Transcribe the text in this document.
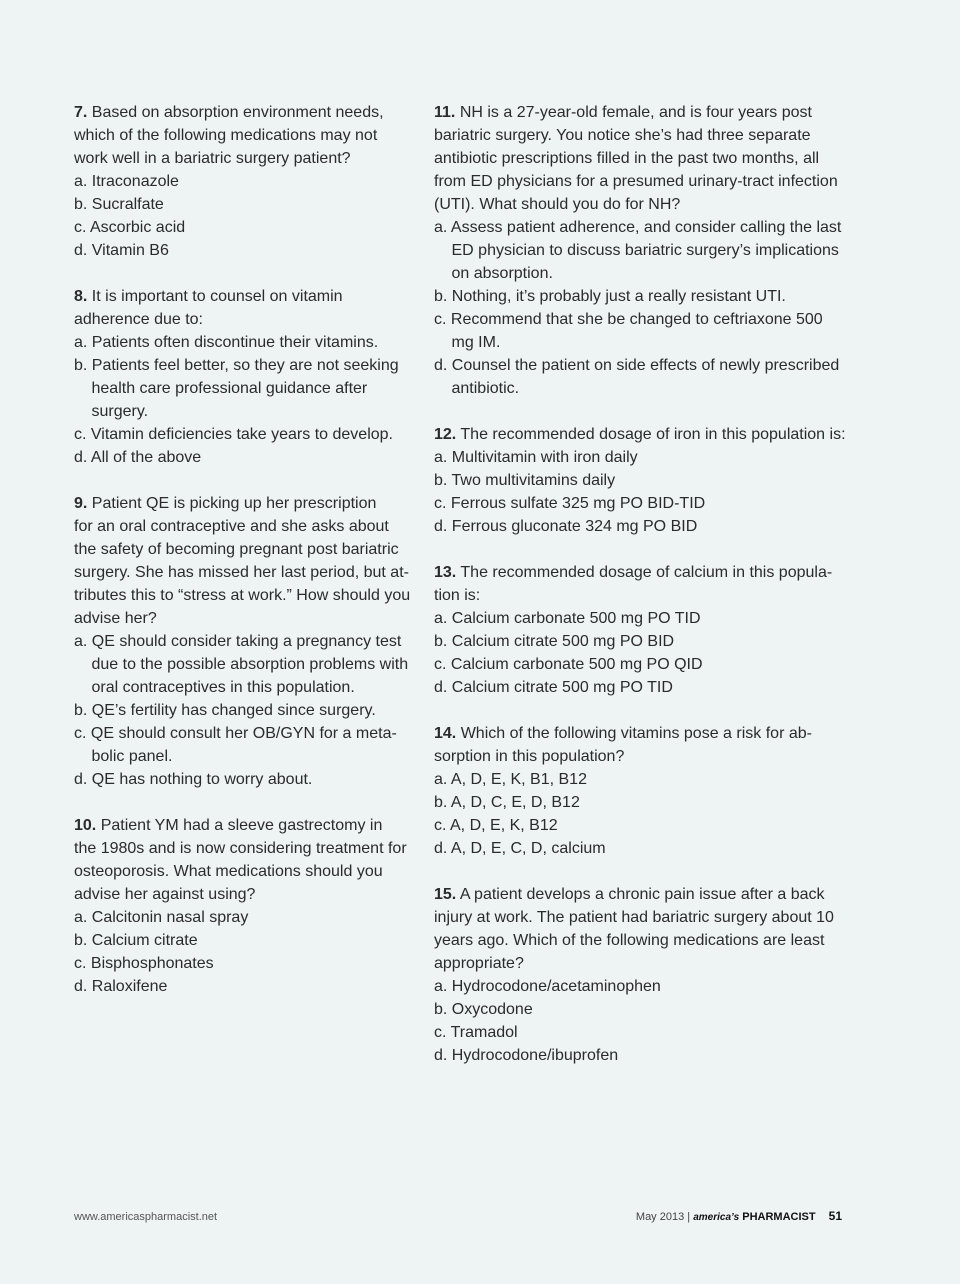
7. Based on absorption environment needs,
which of the following medications may not
work well in a bariatric surgery patient?
a. Itraconazole
b. Sucralfate
c. Ascorbic acid
d. Vitamin B6
8. It is important to counsel on vitamin
adherence due to:
a. Patients often discontinue their vitamins.
b. Patients feel better, so they are not seeking health care professional guidance after surgery.
c. Vitamin deficiencies take years to develop.
d. All of the above
9. Patient QE is picking up her prescription
for an oral contraceptive and she asks about
the safety of becoming pregnant post bariatric
surgery. She has missed her last period, but at-
tributes this to “stress at work.” How should you
advise her?
a. QE should consider taking a pregnancy test due to the possible absorption problems with oral contraceptives in this population.
b. QE’s fertility has changed since surgery.
c. QE should consult her OB/GYN for a meta- bolic panel.
d. QE has nothing to worry about.
10. Patient YM had a sleeve gastrectomy in
the 1980s and is now considering treatment for
osteoporosis. What medications should you
advise her against using?
a. Calcitonin nasal spray
b. Calcium citrate
c. Bisphosphonates
d. Raloxifene
11. NH is a 27-year-old female, and is four years post
bariatric surgery. You notice she’s had three separate
antibiotic prescriptions filled in the past two months, all
from ED physicians for a presumed urinary-tract infection
(UTI). What should you do for NH?
a. Assess patient adherence, and consider calling the last ED physician to discuss bariatric surgery’s implications on absorption.
b. Nothing, it’s probably just a really resistant UTI.
c. Recommend that she be changed to ceftriaxone 500 mg IM.
d. Counsel the patient on side effects of newly prescribed antibiotic.
12. The recommended dosage of iron in this population is:
a. Multivitamin with iron daily
b. Two multivitamins daily
c. Ferrous sulfate 325 mg PO BID-TID
d. Ferrous gluconate 324 mg PO BID
13. The recommended dosage of calcium in this popula-
tion is:
a. Calcium carbonate 500 mg PO TID
b. Calcium citrate 500 mg PO BID
c. Calcium carbonate 500 mg PO QID
d. Calcium citrate 500 mg PO TID
14. Which of the following vitamins pose a risk for ab-
sorption in this population?
a. A, D, E, K, B1, B12
b. A, D, C, E, D, B12
c. A, D, E, K, B12
d. A, D, E, C, D, calcium
15. A patient develops a chronic pain issue after a back
injury at work. The patient had bariatric surgery about 10
years ago. Which of the following medications are least
appropriate?
a. Hydrocodone/acetaminophen
b. Oxycodone
c. Tramadol
d. Hydrocodone/ibuprofen
www.americaspharmacist.net	May 2013 | america’s PHARMACIST 51
